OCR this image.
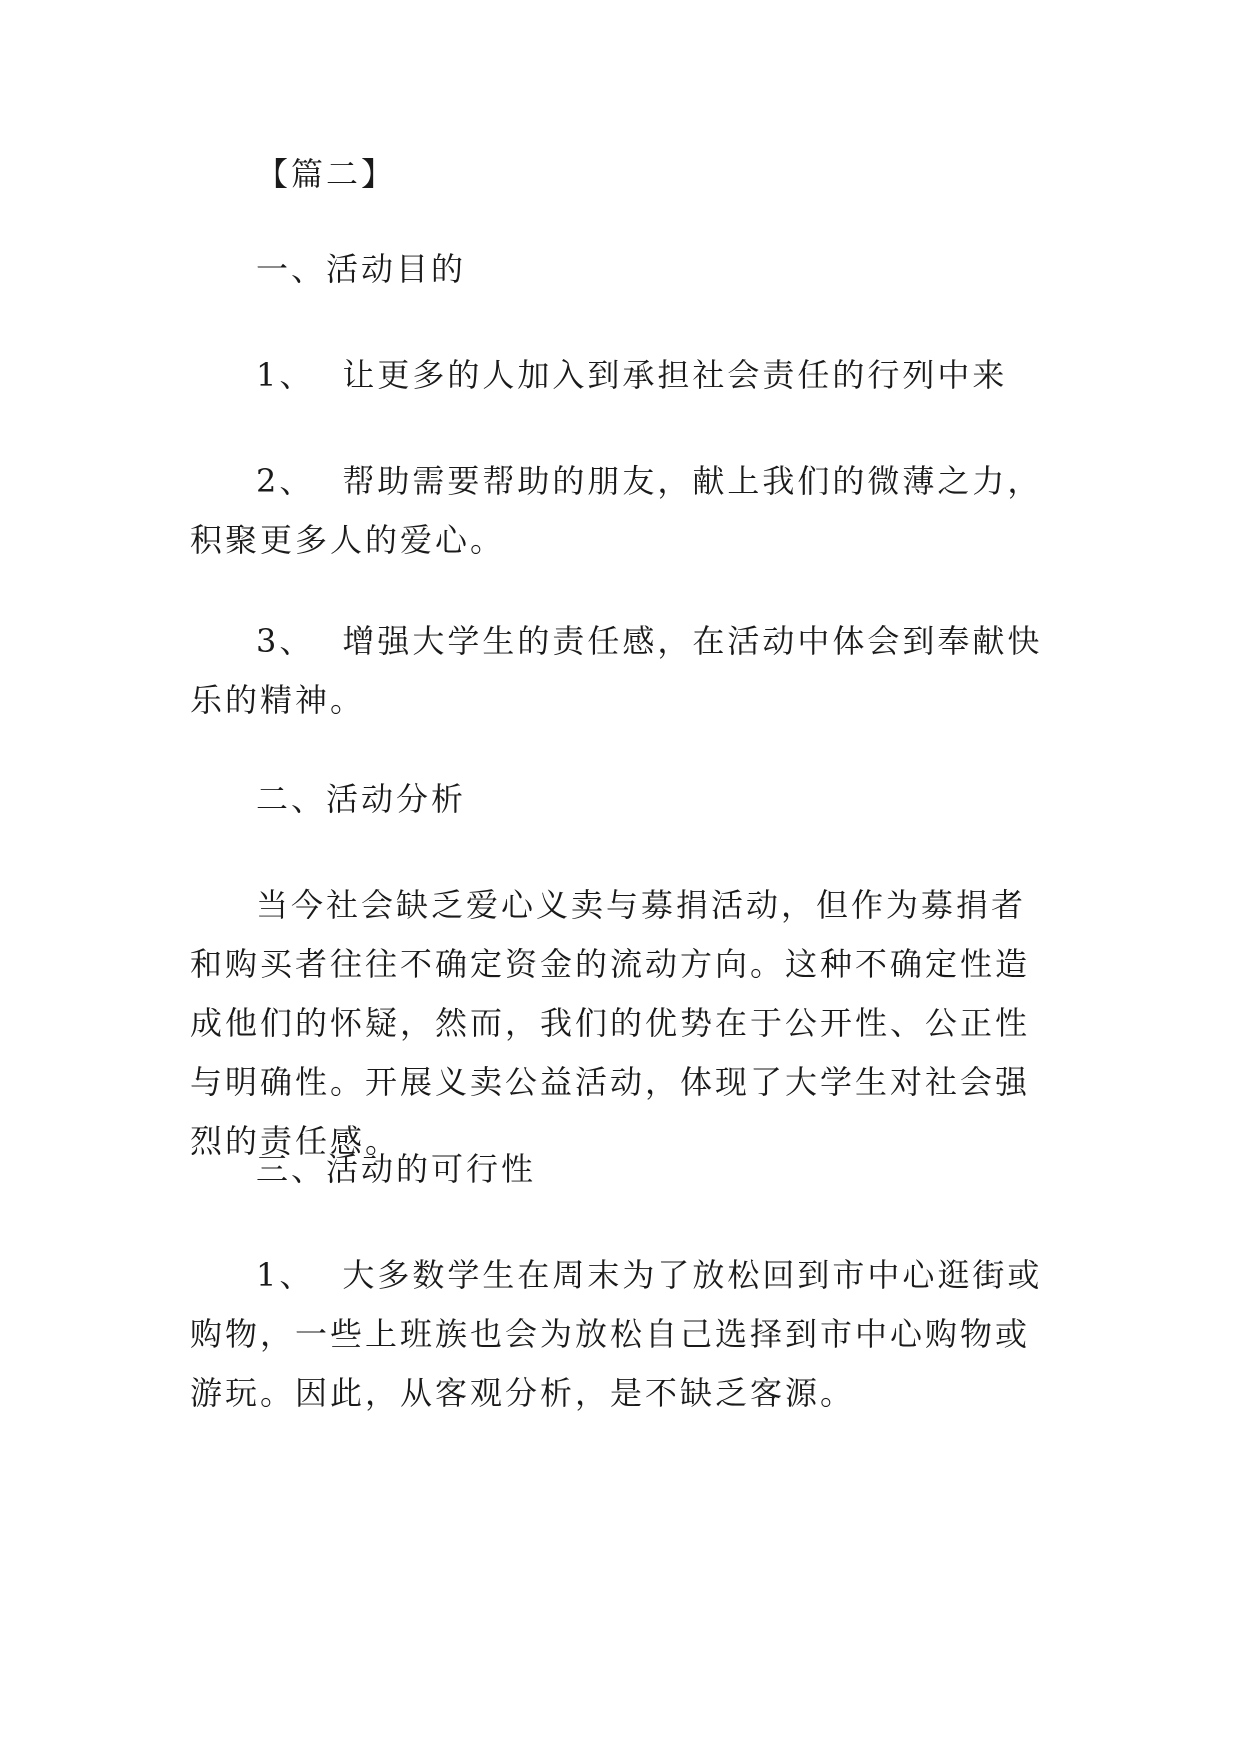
【篇二】

一、活动目的

1、 让更多的人加入到承担社会责任的行列中来

2、 帮助需要帮助的朋友，献上我们的微薄之力，积聚更多人的爱心。

3、 增强大学生的责任感，在活动中体会到奉献快乐的精神。

二、活动分析

当今社会缺乏爱心义卖与募捐活动，但作为募捐者和购买者往往不确定资金的流动方向。这种不确定性造成他们的怀疑，然而，我们的优势在于公开性、公正性与明确性。开展义卖公益活动，体现了大学生对社会强烈的责任感。

三、活动的可行性

1、 大多数学生在周末为了放松回到市中心逛街或购物，一些上班族也会为放松自己选择到市中心购物或游玩。因此，从客观分析，是不缺乏客源。
